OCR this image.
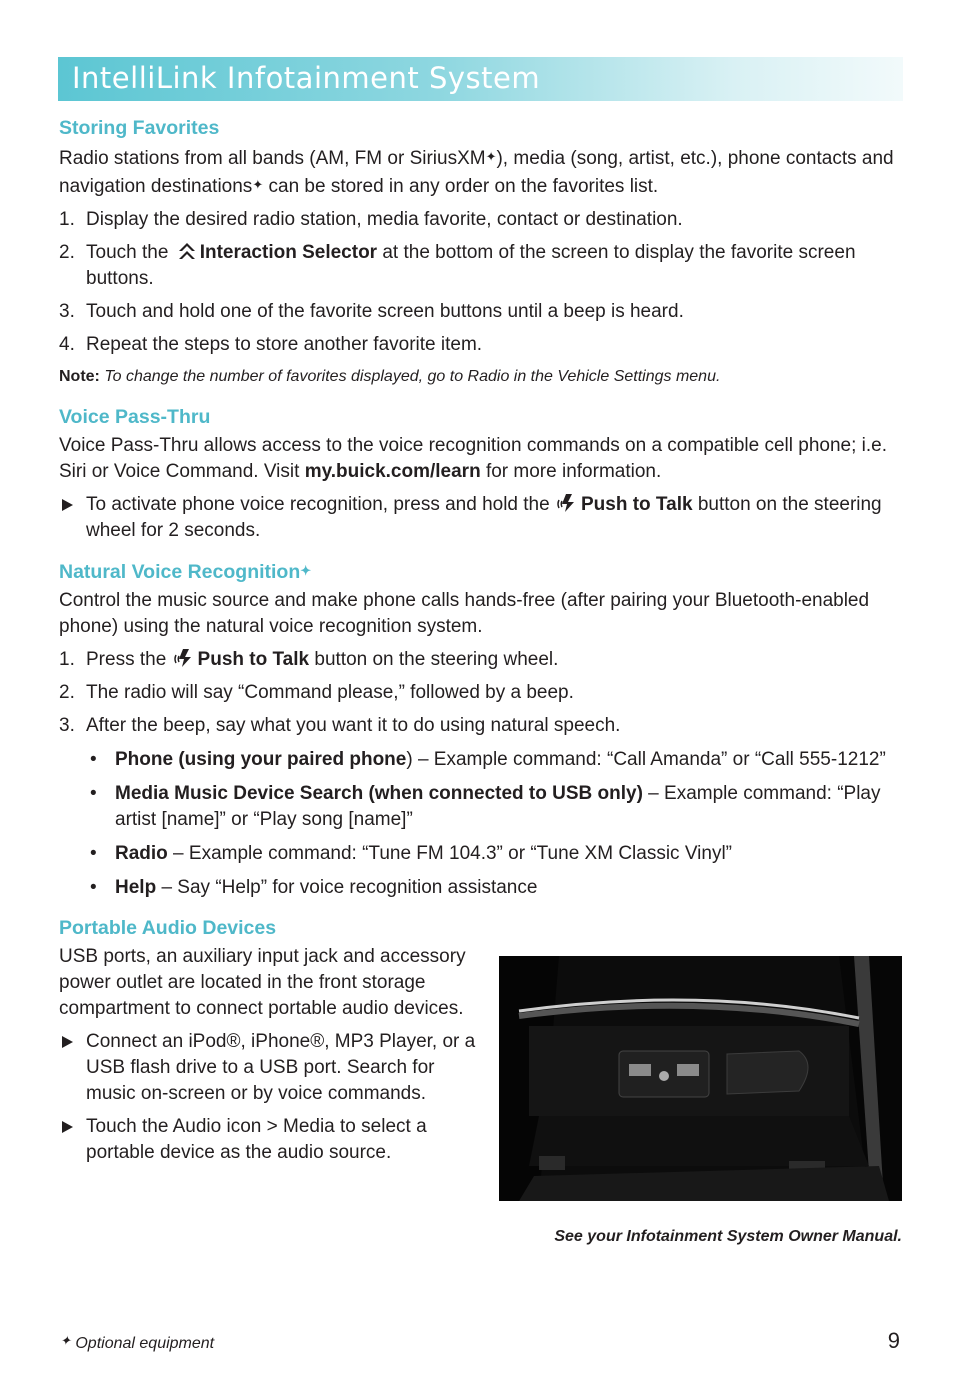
IntelliLink Infotainment System
Storing Favorites

Radio stations from all bands (AM, FM or SiriusXM✦), media (song, artist, etc.), phone contacts and navigation destinations✦ can be stored in any order on the favorites list.

1. Display the desired radio station, media favorite, contact or destination.
2. Touch the Interaction Selector at the bottom of the screen to display the favorite screen buttons.
3. Touch and hold one of the favorite screen buttons until a beep is heard.
4. Repeat the steps to store another favorite item.

Note: To change the number of favorites displayed, go to Radio in the Vehicle Settings menu.

Voice Pass-Thru

Voice Pass-Thru allows access to the voice recognition commands on a compatible cell phone; i.e. Siri or Voice Command. Visit my.buick.com/learn for more information.

To activate phone voice recognition, press and hold the Push to Talk button on the steering wheel for 2 seconds.
Natural Voice Recognition✦

Control the music source and make phone calls hands-free (after pairing your Bluetooth-enabled phone) using the natural voice recognition system.

1. Press the Push to Talk button on the steering wheel.
2. The radio will say “Command please,” followed by a beep.
3. After the beep, say what you want it to do using natural speech.
• Phone (using your paired phone) – Example command: “Call Amanda” or “Call 555-1212”
• Media Music Device Search (when connected to USB only) – Example command: “Play artist [name]” or “Play song [name]”
• Radio – Example command: “Tune FM 104.3” or “Tune XM Classic Vinyl”
• Help – Say “Help” for voice recognition assistance
Portable Audio Devices

USB ports, an auxiliary input jack and accessory power outlet are located in the front storage compartment to connect portable audio devices.

Connect an iPod®, iPhone®, MP3 Player, or a USB flash drive to a USB port. Search for music on-screen or by voice commands.
Touch the Audio icon > Media to select a portable device as the audio source.
See your Infotainment System Owner Manual.
✦ Optional equipment	9
